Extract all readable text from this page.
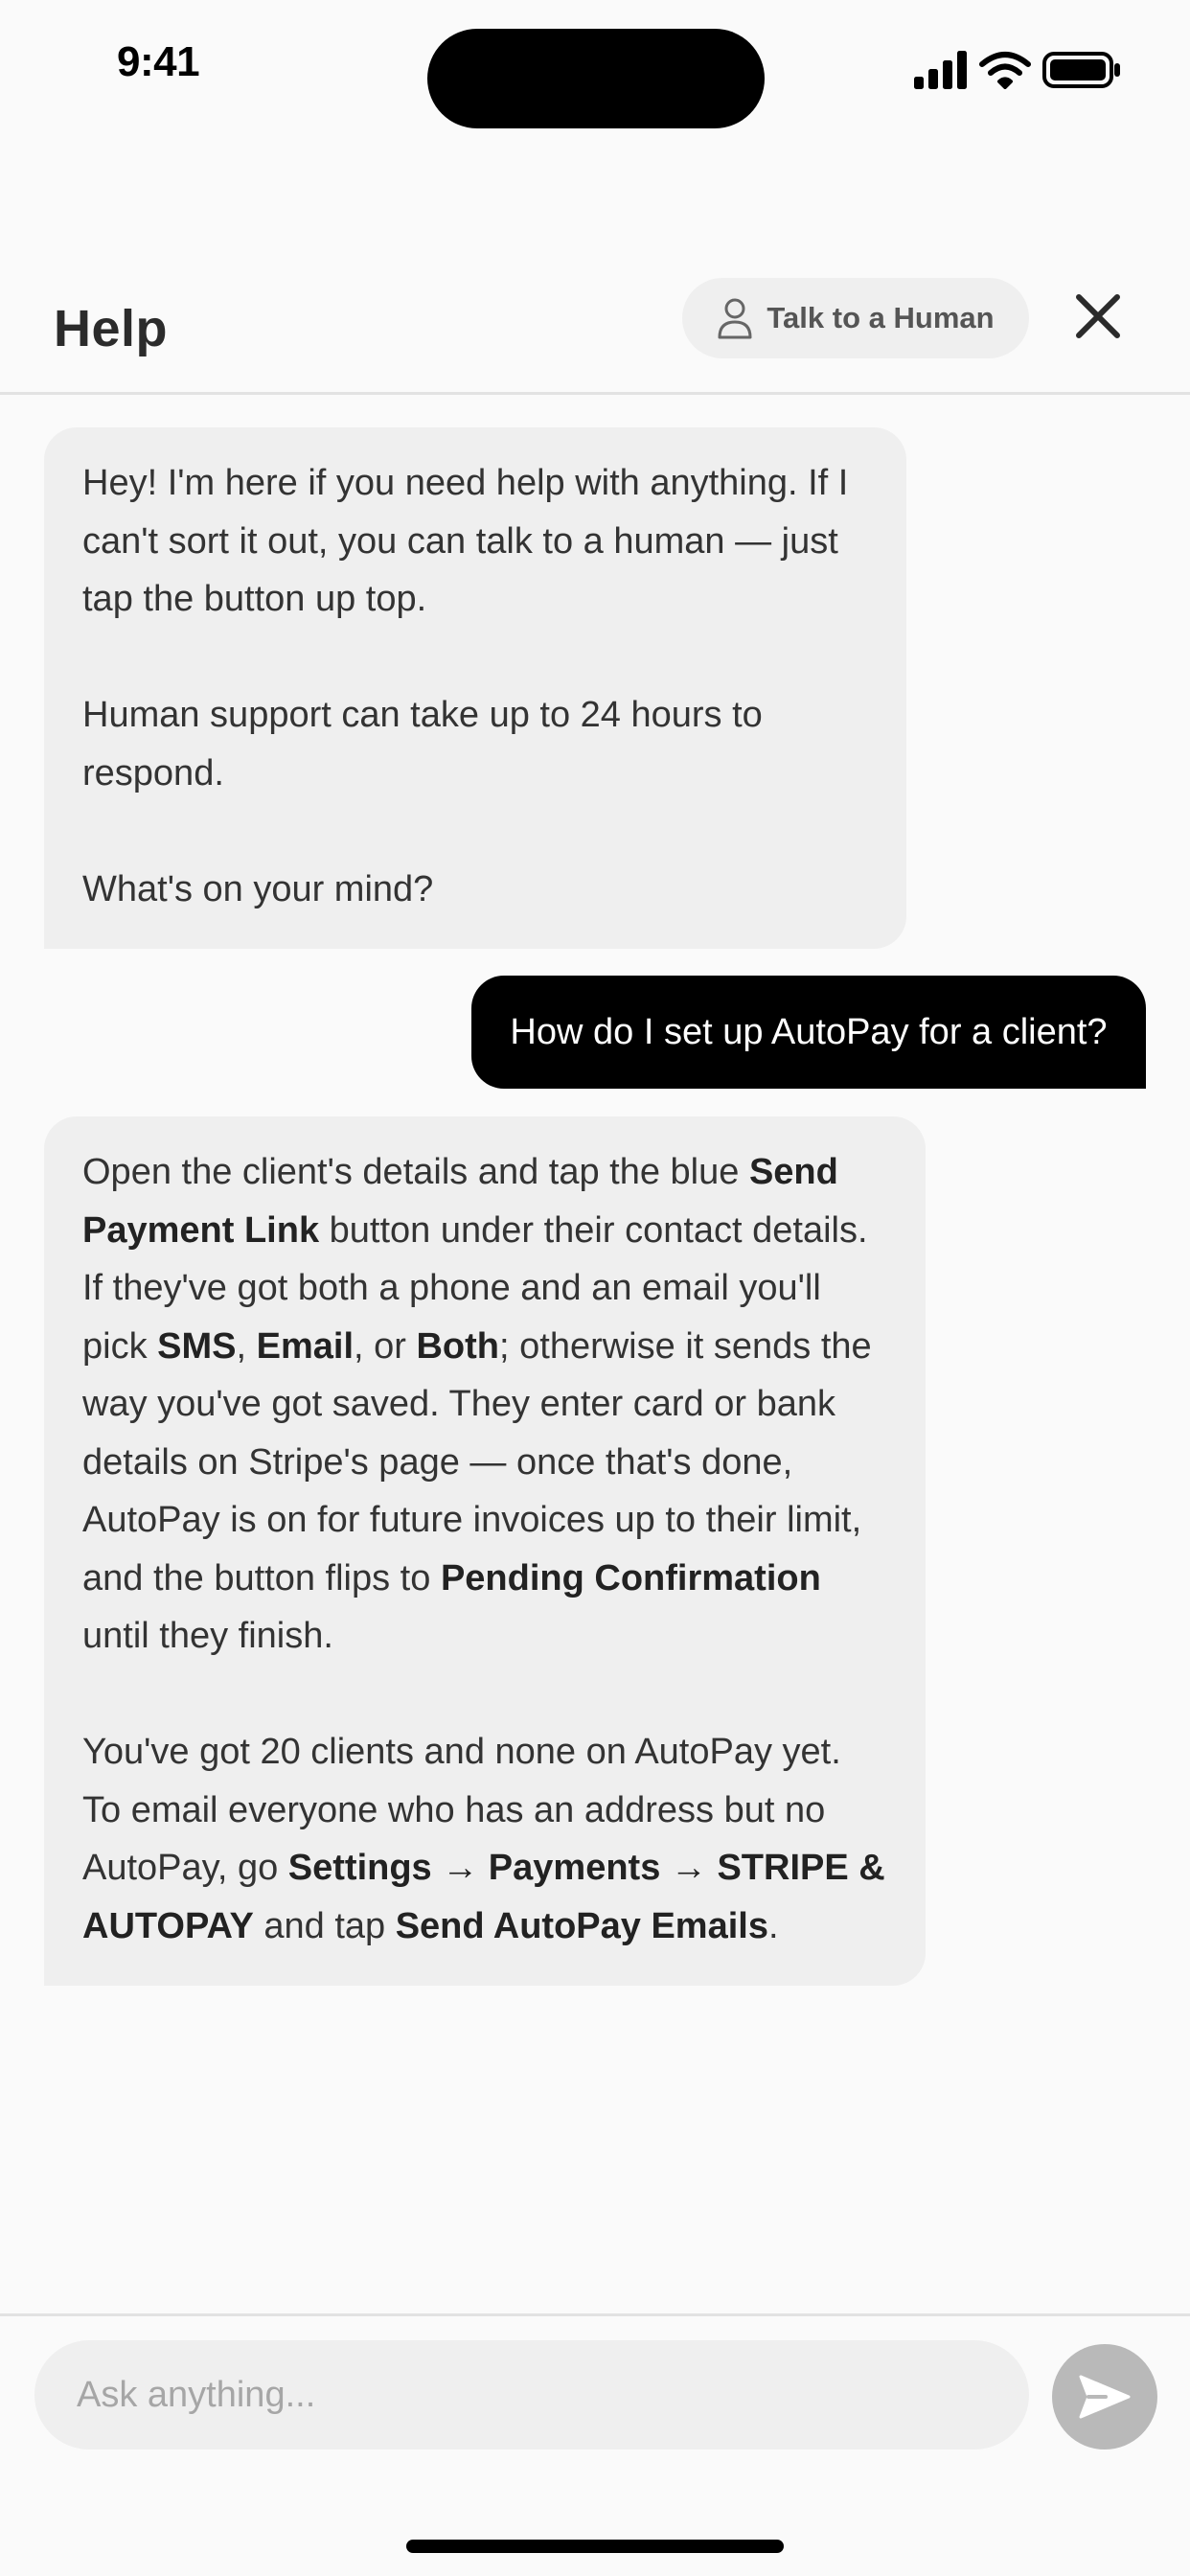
9:41
Help	Talk to a Human

Hey! I'm here if you need help with anything. If I can't sort it out, you can talk to a human — just tap the button up top.

Human support can take up to 24 hours to respond.

What's on your mind?

How do I set up AutoPay for a client?

Open the client's details and tap the blue Send Payment Link button under their contact details. If they've got both a phone and an email you'll pick SMS, Email, or Both; otherwise it sends the way you've got saved. They enter card or bank details on Stripe's page — once that's done, AutoPay is on for future invoices up to their limit, and the button flips to Pending Confirmation until they finish.

You've got 20 clients and none on AutoPay yet. To email everyone who has an address but no AutoPay, go Settings → Payments → STRIPE & AUTOPAY and tap Send AutoPay Emails.

Ask anything...
